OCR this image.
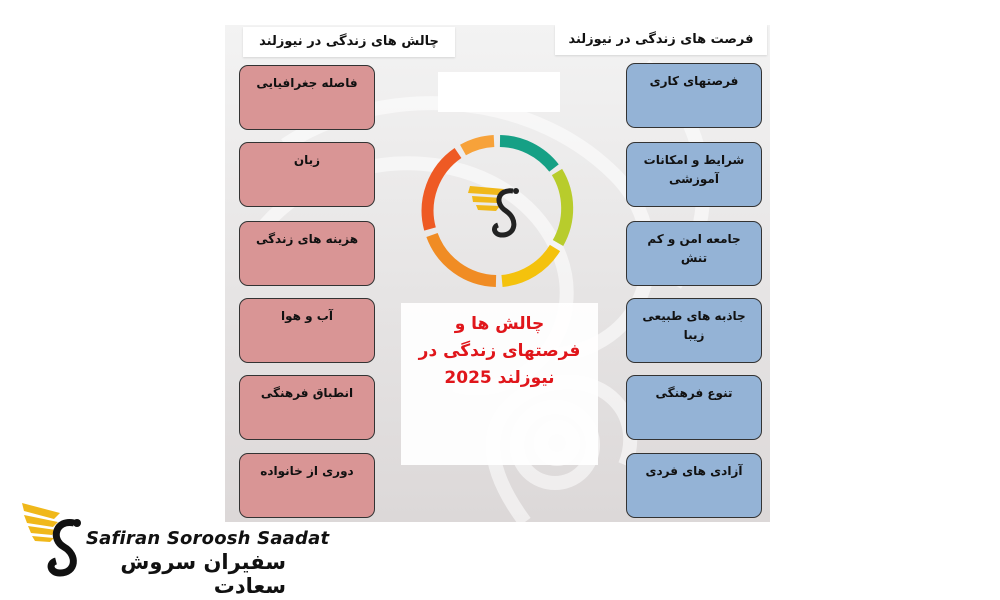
چالش های زندگی در نیوزلند	فرصت های زندگی در نیوزلند
فاصله جغرافیایی
زبان
هزینه های زندگی
آب و هوا
انطباق فرهنگی
دوری از خانواده
فرصتهای کاری
شرایط و امکانات آموزشی
جامعه امن و کم تنش
جاذبه های طبیعی زیبا
تنوع فرهنگی
آزادی های فردی
چالش ها و
فرصتهای زندگی در
نیوزلند 2025
Safiran Soroosh Saadat
سفیران سروش سعادت
